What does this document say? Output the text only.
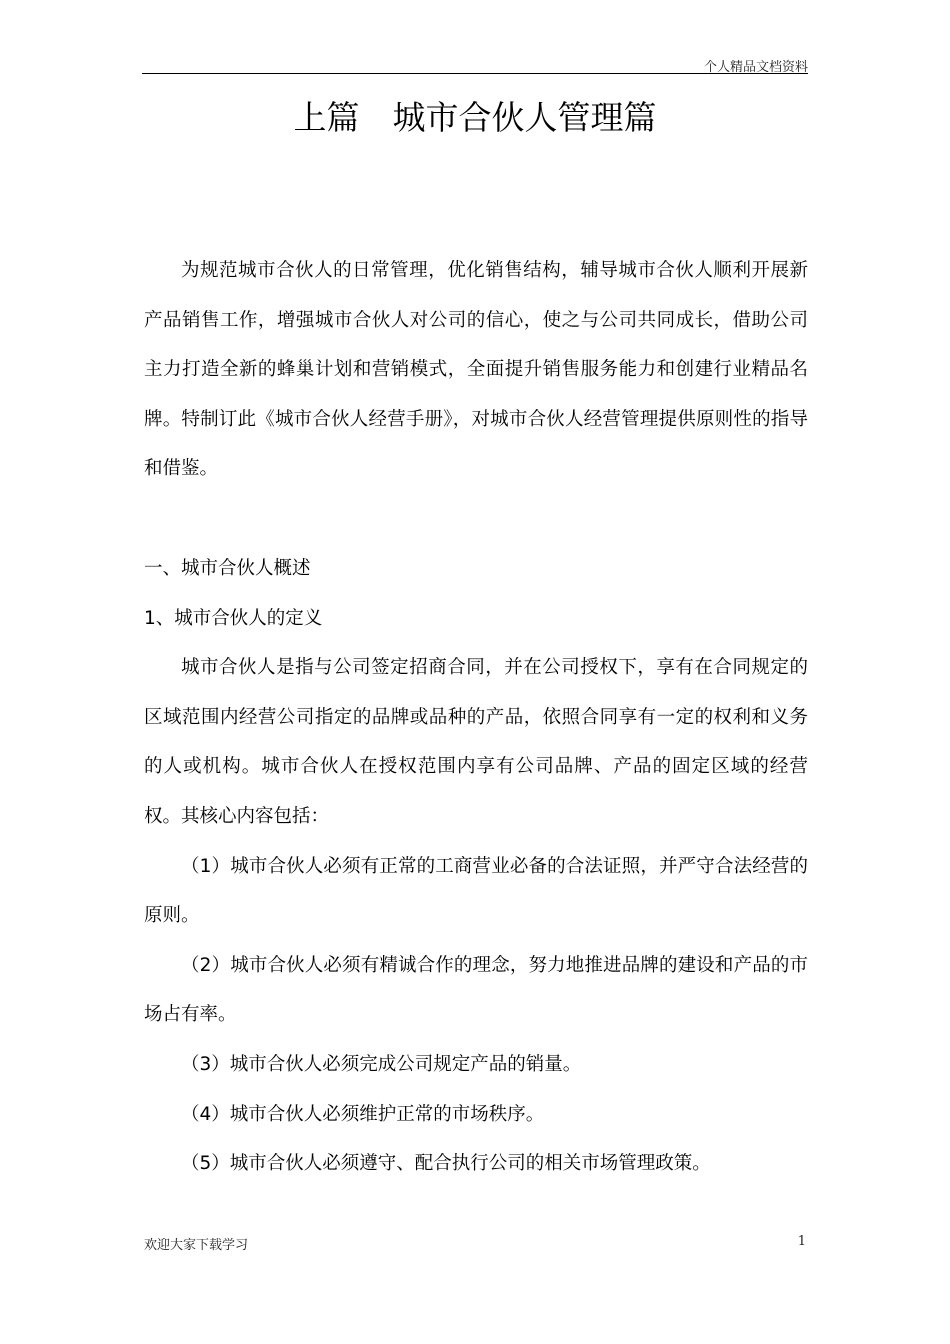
个人精品文档资料
上篇　城市合伙人管理篇

为规范城市合伙人的日常管理，优化销售结构，辅导城市合伙人顺利开展新产品销售工作，增强城市合伙人对公司的信心，使之与公司共同成长，借助公司主力打造全新的蜂巢计划和营销模式，全面提升销售服务能力和创建行业精品名牌。特制订此《城市合伙人经营手册》，对城市合伙人经营管理提供原则性的指导和借鉴。

一、城市合伙人概述

1、城市合伙人的定义

城市合伙人是指与公司签定招商合同，并在公司授权下，享有在合同规定的区域范围内经营公司指定的品牌或品种的产品，依照合同享有一定的权利和义务的人或机构。城市合伙人在授权范围内享有公司品牌、产品的固定区域的经营权。其核心内容包括：

（1）城市合伙人必须有正常的工商营业必备的合法证照，并严守合法经营的原则。

（2）城市合伙人必须有精诚合作的理念，努力地推进品牌的建设和产品的市场占有率。

（3）城市合伙人必须完成公司规定产品的销量。

（4）城市合伙人必须维护正常的市场秩序。

（5）城市合伙人必须遵守、配合执行公司的相关市场管理政策。

欢迎大家下载学习	1
